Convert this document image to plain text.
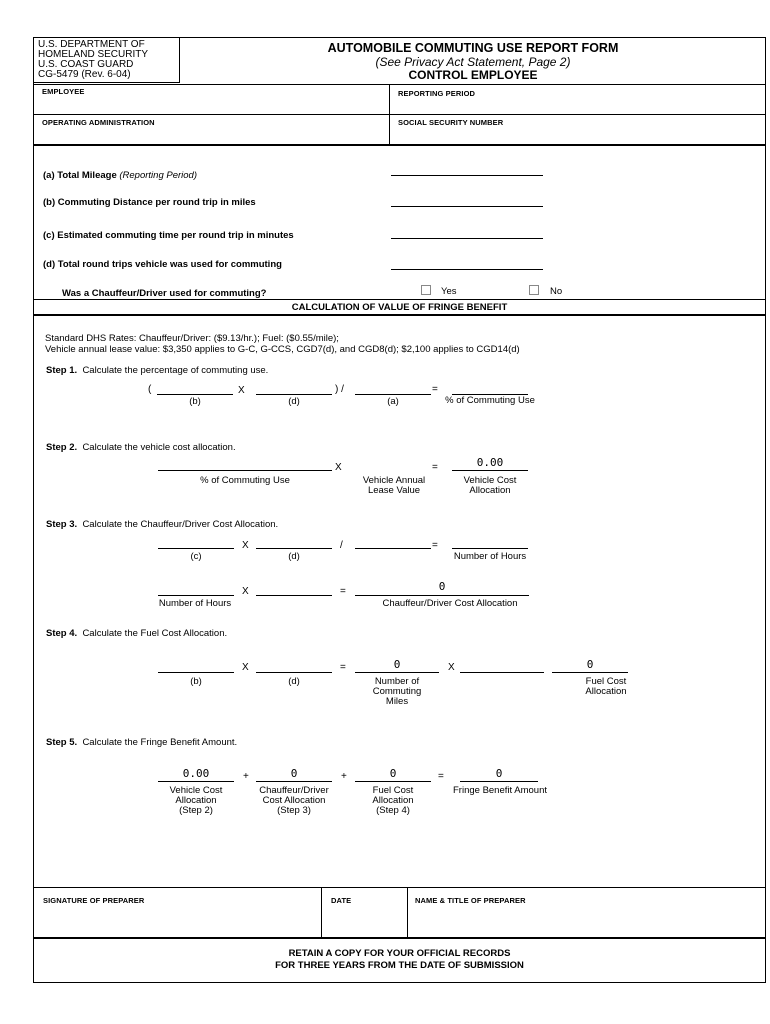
U.S. DEPARTMENT OF
HOMELAND SECURITY
U.S. COAST GUARD
CG-5479 (Rev. 6-04)
AUTOMOBILE COMMUTING USE REPORT FORM
(See Privacy Act Statement, Page 2)
CONTROL EMPLOYEE
EMPLOYEE	REPORTING PERIOD
OPERATING ADMINISTRATION	SOCIAL SECURITY NUMBER
(a) Total Mileage (Reporting Period)
(b) Commuting Distance per round trip in miles
(c) Estimated commuting time per round trip in minutes
(d) Total round trips vehicle was used for commuting
Was a Chauffeur/Driver used for commuting?	Yes	No
CALCULATION OF VALUE OF FRINGE BENEFIT
Standard DHS Rates: Chauffeur/Driver: ($9.13/hr.); Fuel: ($0.55/mile);
Vehicle annual lease value: $3,350 applies to G-C, G-CCS, CGD7(d), and CGD8(d); $2,100 applies to CGD14(d)
Step 1. Calculate the percentage of commuting use.
(	X	) /	=
(b)	(d)	(a)	% of Commuting Use
Step 2. Calculate the vehicle cost allocation.
X	=	0.00
% of Commuting Use	Vehicle Annual
Lease Value
Vehicle Cost
Allocation
Step 3. Calculate the Chauffeur/Driver Cost Allocation.
X	/	=
(c)	(d)	Number of Hours
X	=	0
Number of Hours	Chauffeur/Driver Cost Allocation
Step 4. Calculate the Fuel Cost Allocation.
X	=	0	X	0
(b)	(d)	Number of
Commuting
Miles
Fuel Cost
Allocation
Step 5. Calculate the Fringe Benefit Amount.
0.00	+	0	+	0	=	0
Vehicle Cost
Allocation
(Step 2)
Chauffeur/Driver
Cost Allocation
(Step 3)
Fuel Cost
Allocation
(Step 4)
Fringe Benefit Amount
SIGNATURE OF PREPARER	DATE	NAME & TITLE OF PREPARER
RETAIN A COPY FOR YOUR OFFICIAL RECORDS
FOR THREE YEARS FROM THE DATE OF SUBMISSION
